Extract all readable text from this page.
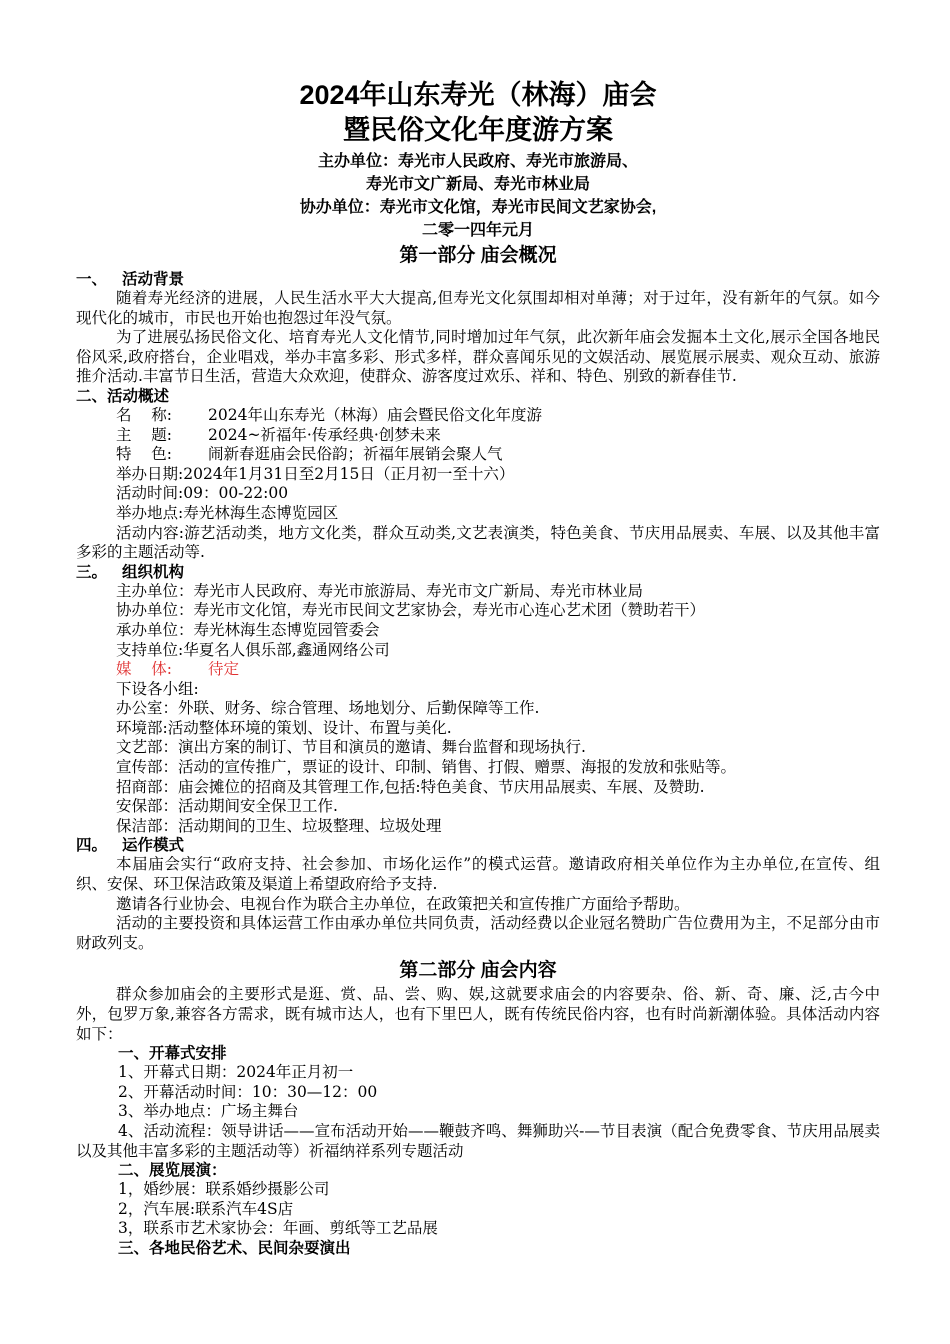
2024年山东寿光（林海）庙会
暨民俗文化年度游方案
主办单位：寿光市人民政府、寿光市旅游局、
寿光市文广新局、寿光市林业局
协办单位：寿光市文化馆，寿光市民间文艺家协会,
二零一四年元月
第一部分 庙会概况
一、 活动背景
随着寿光经济的进展，人民生活水平大大提高,但寿光文化氛围却相对单薄；对于过年，没有新年的气氛。如今现代化的城市，市民也开始也抱怨过年没气氛。
为了进展弘扬民俗文化、培育寿光人文化情节,同时增加过年气氛，此次新年庙会发掘本土文化,展示全国各地民俗风采,政府搭台，企业唱戏，举办丰富多彩、形式多样，群众喜闻乐见的文娱活动、展览展示展卖、观众互动、旅游推介活动.丰富节日生活，营造大众欢迎，使群众、游客度过欢乐、祥和、特色、别致的新春佳节.
二、活动概述
名    称: 2024年山东寿光（林海）庙会暨民俗文化年度游
主    题: 2024~祈福年·传承经典·创梦未来
特    色: 闹新春逛庙会民俗韵；祈福年展销会聚人气
举办日期:2024年1月31日至2月15日（正月初一至十六）
活动时间:09：00-22:00
举办地点:寿光林海生态博览园区
活动内容:游艺活动类，地方文化类，群众互动类,文艺表演类，特色美食、节庆用品展卖、车展、以及其他丰富多彩的主题活动等.
三。 组织机构
主办单位：寿光市人民政府、寿光市旅游局、寿光市文广新局、寿光市林业局
协办单位：寿光市文化馆，寿光市民间文艺家协会，寿光市心连心艺术团（赞助若干）
承办单位：寿光林海生态博览园管委会
支持单位:华夏名人俱乐部,鑫通网络公司
媒    体: 待定
下设各小组:
办公室：外联、财务、综合管理、场地划分、后勤保障等工作.
环境部:活动整体环境的策划、设计、布置与美化.
文艺部：演出方案的制订、节目和演员的邀请、舞台监督和现场执行.
宣传部：活动的宣传推广，票证的设计、印制、销售、打假、赠票、海报的发放和张贴等。
招商部：庙会摊位的招商及其管理工作,包括:特色美食、节庆用品展卖、车展、及赞助.
安保部：活动期间安全保卫工作.
保洁部：活动期间的卫生、垃圾整理、垃圾处理
四。 运作模式
本届庙会实行“政府支持、社会参加、市场化运作”的模式运营。邀请政府相关单位作为主办单位,在宣传、组织、安保、环卫保洁政策及渠道上希望政府给予支持.
邀请各行业协会、电视台作为联合主办单位，在政策把关和宣传推广方面给予帮助。
活动的主要投资和具体运营工作由承办单位共同负责，活动经费以企业冠名赞助广告位费用为主，不足部分由市财政列支。
第二部分 庙会内容
群众参加庙会的主要形式是逛、赏、品、尝、购、娱,这就要求庙会的内容要杂、俗、新、奇、廉、泛,古今中外，包罗万象,兼容各方需求，既有城市达人，也有下里巴人，既有传统民俗内容，也有时尚新潮体验。具体活动内容如下：
一、开幕式安排
1、开幕式日期：2024年正月初一
2、开幕活动时间：10：30—12：00
3、举办地点：广场主舞台
4、活动流程：领导讲话——宣布活动开始——鞭鼓齐鸣、舞狮助兴-—节目表演（配合免费零食、节庆用品展卖以及其他丰富多彩的主题活动等）祈福纳祥系列专题活动
二、展览展演：
1，婚纱展：联系婚纱摄影公司
2，汽车展:联系汽车4S店
3，联系市艺术家协会：年画、剪纸等工艺品展
三、各地民俗艺术、民间杂耍演出
